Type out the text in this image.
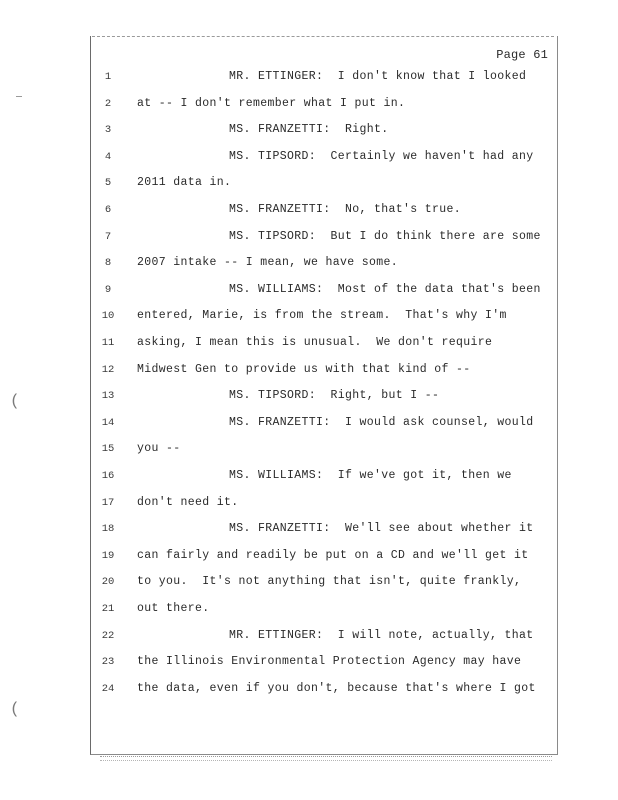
Page 61
(
(
1	MR. ETTINGER:  I don't know that I looked
2	at -- I don't remember what I put in.
3	MS. FRANZETTI:  Right.
4	MS. TIPSORD:  Certainly we haven't had any
5	2011 data in.
6	MS. FRANZETTI:  No, that's true.
7	MS. TIPSORD:  But I do think there are some
8	2007 intake -- I mean, we have some.
9	MS. WILLIAMS:  Most of the data that's been
10	entered, Marie, is from the stream.  That's why I'm
11	asking, I mean this is unusual.  We don't require
12	Midwest Gen to provide us with that kind of --
13	MS. TIPSORD:  Right, but I --
14	MS. FRANZETTI:  I would ask counsel, would
15	you --
16	MS. WILLIAMS:  If we've got it, then we
17	don't need it.
18	MS. FRANZETTI:  We'll see about whether it
19	can fairly and readily be put on a CD and we'll get it
20	to you.  It's not anything that isn't, quite frankly,
21	out there.
22	MR. ETTINGER:  I will note, actually, that
23	the Illinois Environmental Protection Agency may have
24	the data, even if you don't, because that's where I got
